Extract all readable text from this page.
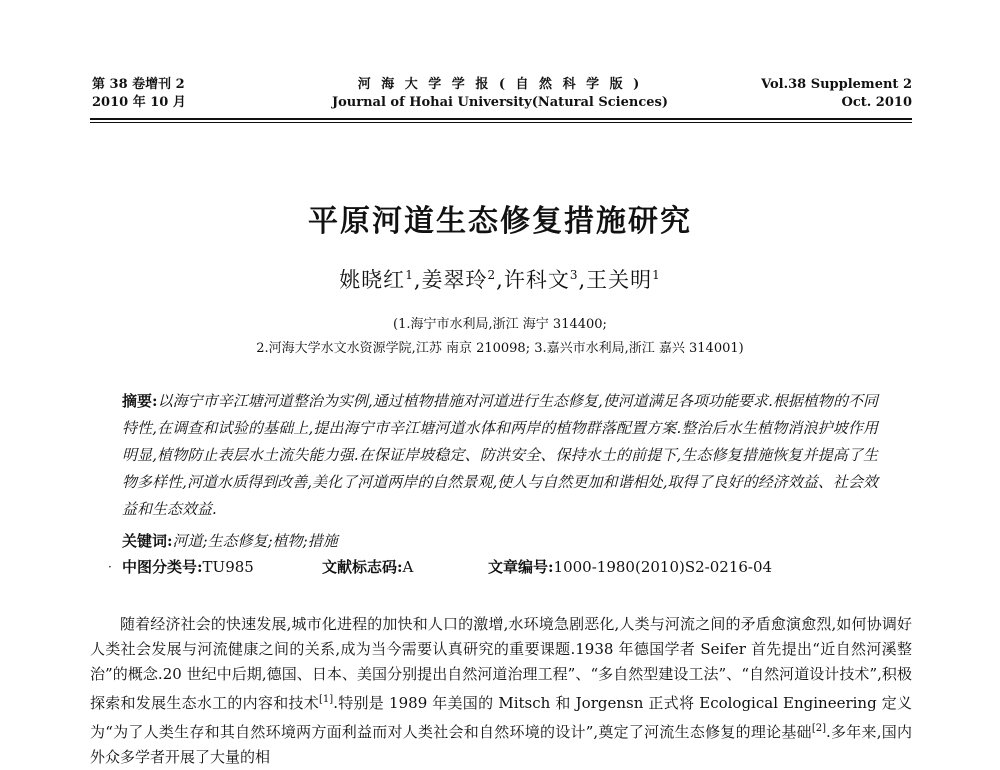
第 38 卷增刊 2
2010 年 10 月
河 海 大 学 学 报 ( 自 然 科 学 版 )
Journal of Hohai University(Natural Sciences)
Vol.38 Supplement 2
Oct. 2010
平原河道生态修复措施研究
姚晓红$^1$,姜翠玲$^2$,许科文$^3$,王关明$^1$
(1.海宁市水利局,浙江 海宁 314400;
2.河海大学水文水资源学院,江苏 南京 210098; 3.嘉兴市水利局,浙江 嘉兴 314001)
摘要:以海宁市辛江塘河道整治为实例,通过植物措施对河道进行生态修复,使河道满足各项功能要求.根据植物的不同特性,在调查和试验的基础上,提出海宁市辛江塘河道水体和两岸的植物群落配置方案.整治后水生植物消浪护坡作用明显,植物防止表层水土流失能力强.在保证岸坡稳定、防洪安全、保持水土的前提下,生态修复措施恢复并提高了生物多样性,河道水质得到改善,美化了河道两岸的自然景观,使人与自然更加和谐相处,取得了良好的经济效益、社会效益和生态效益.
关键词:河道;生态修复;植物;措施
· 中图分类号:TU985	文献标志码:A	文章编号:1000-1980(2010)S2-0216-04

随着经济社会的快速发展,城市化进程的加快和人口的激增,水环境急剧恶化,人类与河流之间的矛盾愈演愈烈,如何协调好人类社会发展与河流健康之间的关系,成为当今需要认真研究的重要课题.1938 年德国学者 Seifer 首先提出“近自然河溪整治”的概念.20 世纪中后期,德国、日本、美国分别提出自然河道治理工程”、“多自然型建设工法”、“自然河道设计技术”,积极探索和发展生态水工的内容和技术[1].特别是 1989 年美国的 Mitsch 和 Jorgensn 正式将 Ecological Engineering 定义为“为了人类生存和其自然环境两方面利益而对人类社会和自然环境的设计”,奠定了河流生态修复的理论基础[2].多年来,国内外众多学者开展了大量的相
